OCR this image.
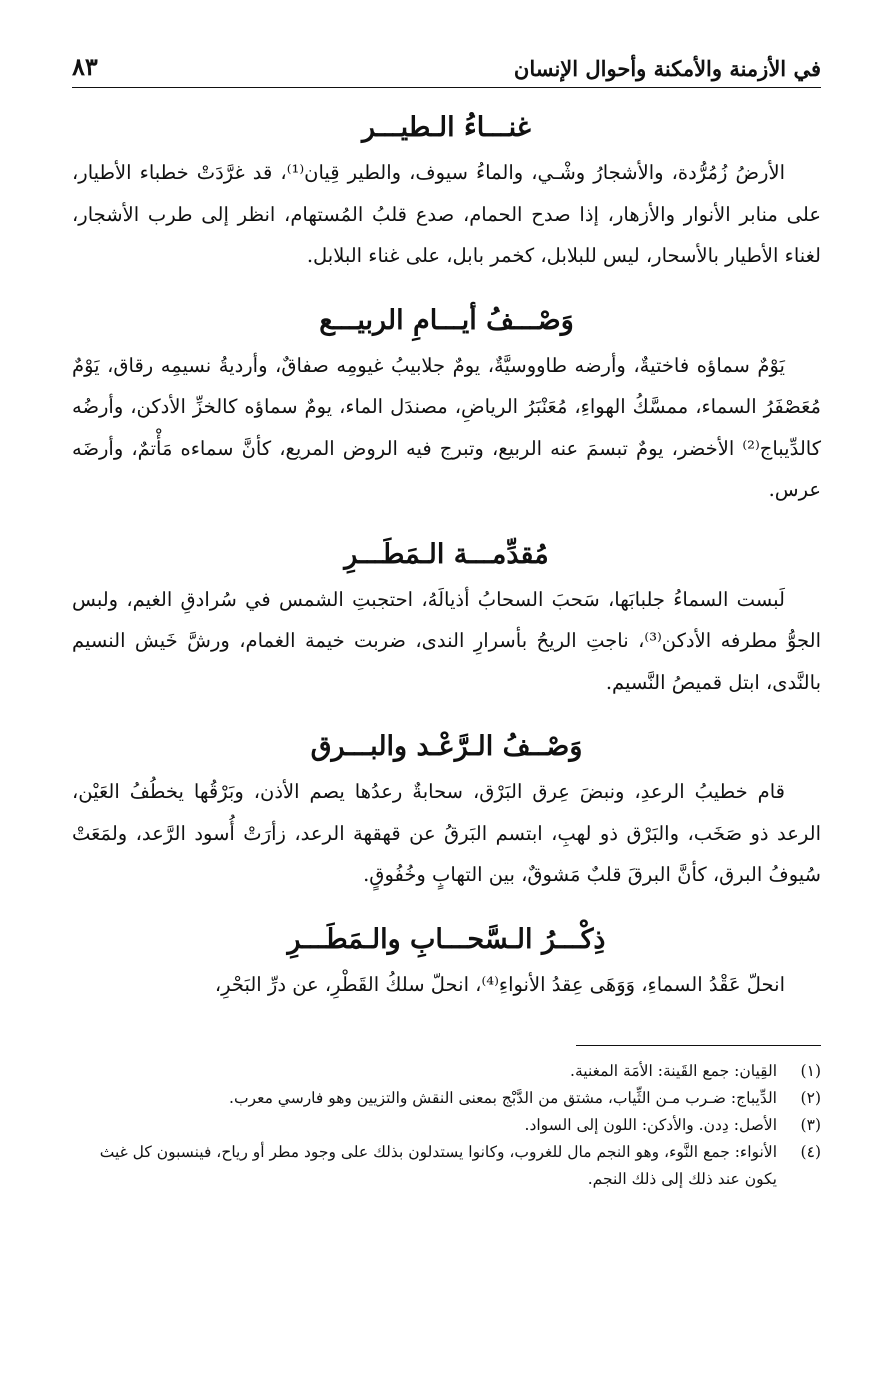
في الأزمنة والأمكنة وأحوال الإنسان
٨٣
غنـــاءُ الـطيـــر

الأرضُ زُمُرُّدة، والأشجارُ وشْـي، والماءُ سيوف، والطير قِيان⁽¹⁾، قد غرَّدَتْ خطباء الأطيار، على منابر الأنوار والأزهار، إذا صدح الحمام، صدع قلبُ المُستهام، انظر إلى طرب الأشجار، لغناء الأطيار بالأسحار، ليس للبلابل، كخمر بابل، على غناء البلابل.

وَصْـــفُ أيـــامِ الربيـــع

يَوْمٌ سماؤه فاختيةٌ، وأرضه طاووسيَّةٌ، يومٌ جلابيبُ غيومِه صفاقٌ، وأرديةُ نسيمِه رقاق، يَوْمٌ مُعَصْفَرُ السماء، ممسَّكُ الهواءِ، مُعَنْبَرُ الرياضِ، مصندَل الماء، يومٌ سماؤه كالخزِّ الأدكن، وأرضُه كالدِّيباج⁽²⁾ الأخضر، يومٌ تبسمَ عنه الربيع، وتبرج فيه الروض المريع، كأنَّ سماءه مَأْتمٌ، وأرضَه عرس.

مُقدِّمـــة الـمَطَـــرِ

لَبست السماءُ جلبابَها، سَحبَ السحابُ أذيالَهُ، احتجبتِ الشمس في سُرادقِ الغيم، ولبس الجوُّ مطرفه الأدكن⁽³⁾، ناجتِ الريحُ بأسرارِ الندى، ضربت خيمة الغمام، ورشَّ خَيش النسيم بالنَّدى، ابتل قميصُ النَّسيم.

وَصْــفُ الـرَّعْـد والبـــرق

قام خطيبُ الرعدِ، ونبضَ عِرق البَرْق، سحابةٌ رعدُها يصم الأذن، وبَرْقُها يخطُفُ العَيْن، الرعد ذو صَخَب، والبَرْق ذو لهبِ، ابتسم البَرقُ عن قهقهة الرعد، زأرَتْ أُسود الرَّعد، ولمَعَتْ سُيوفُ البرق، كأنَّ البرقَ قلبٌ مَشوقٌ، بين التهابٍ وخُفُوقٍ.

ذِكْـــرُ الـسَّحـــابِ والـمَطَـــرِ

انحلّ عَقْدُ السماءِ، وَوَهَى عِقدُ الأنواءِ⁽⁴⁾، انحلّ سلكُ القَطْرِ، عن درِّ البَحْرِ،

(١)
القِيان: جمع القَينة: الأمَة المغنية.
(٢)
الدِّيباج: ضـرب مـن الثِّياب، مشتق من الدَّبْج بمعنى النقش والتزيين وهو فارسي معرب.
(٣)
الأصل: دِدن. والأدكن: اللون إلى السواد.
(٤)
الأنواء: جمع النَّوء، وهو النجم مال للغروب، وكانوا يستدلون بذلك على وجود مطر أو رياح، فينسبون كل غيث يكون عند ذلك إلى ذلك النجم.
